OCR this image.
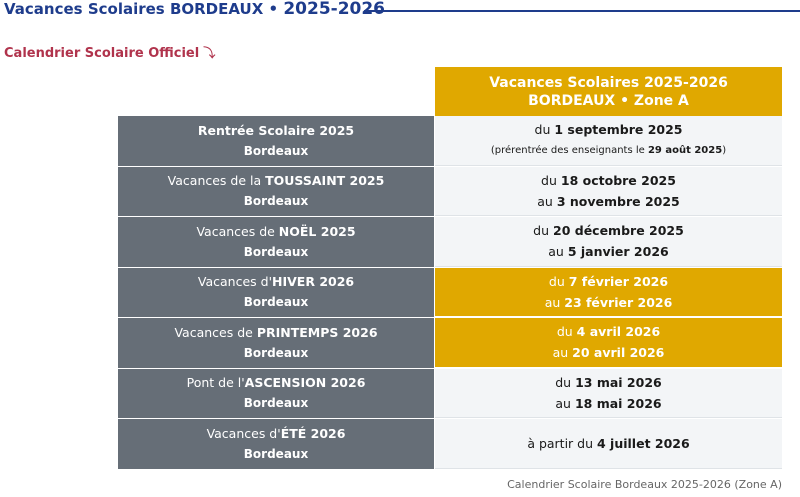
Vacances Scolaires BORDEAUX • 2025-2026
Calendrier Scolaire Officiel ⤵
Vacances Scolaires 2025-2026
BORDEAUX • Zone A
Rentrée Scolaire 2025
Bordeaux
du 1 septembre 2025
(prérentrée des enseignants le 29 août 2025)
Vacances de la TOUSSAINT 2025
Bordeaux
du 18 octobre 2025
au 3 novembre 2025
Vacances de NOËL 2025
Bordeaux
du 20 décembre 2025
au 5 janvier 2026
Vacances d'HIVER 2026
Bordeaux
du 7 février 2026
au 23 février 2026
Vacances de PRINTEMPS 2026
Bordeaux
du 4 avril 2026
au 20 avril 2026
Pont de l'ASCENSION 2026
Bordeaux
du 13 mai 2026
au 18 mai 2026
Vacances d'ÉTÉ 2026
Bordeaux
à partir du 4 juillet 2026
Calendrier Scolaire Bordeaux 2025-2026 (Zone A)
